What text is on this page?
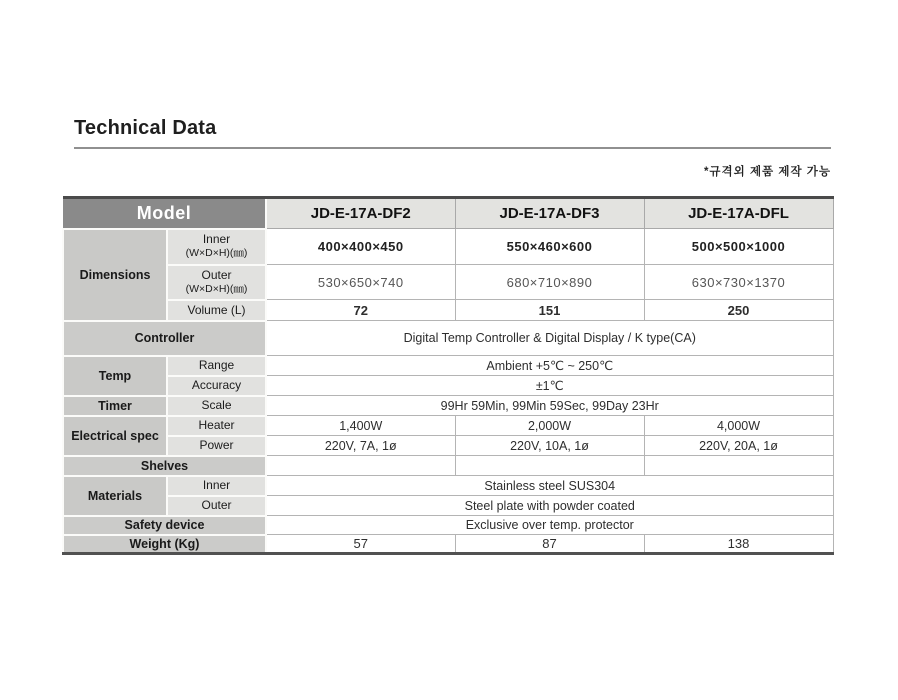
Technical Data
*규격외 제품 제작 가능
Model		JD-E-17A-DF2	JD-E-17A-DF3	JD-E-17A-DFL
Dimensions	Inner
(W×D×H)(㎜)	400×400×450	550×460×600	500×500×1000
	Outer
(W×D×H)(㎜)	530×650×740	680×710×890	630×730×1370
	Volume (L)	72	151	250
Controller		Digital Temp Controller & Digital Display / K type(CA)		
Temp	Range	Ambient +5℃ ~ 250℃		
	Accuracy	±1℃		
Timer	Scale	99Hr 59Min, 99Min 59Sec, 99Day 23Hr		
Electrical spec	Heater	1,400W	2,000W	4,000W
	Power	220V, 7A, 1ø	220V, 10A, 1ø	220V, 20A, 1ø
Shelves				
Materials	Inner	Stainless steel SUS304		
	Outer	Steel plate with powder coated		
Safety device		Exclusive over temp. protector		
Weight (Kg)		57	87	138
